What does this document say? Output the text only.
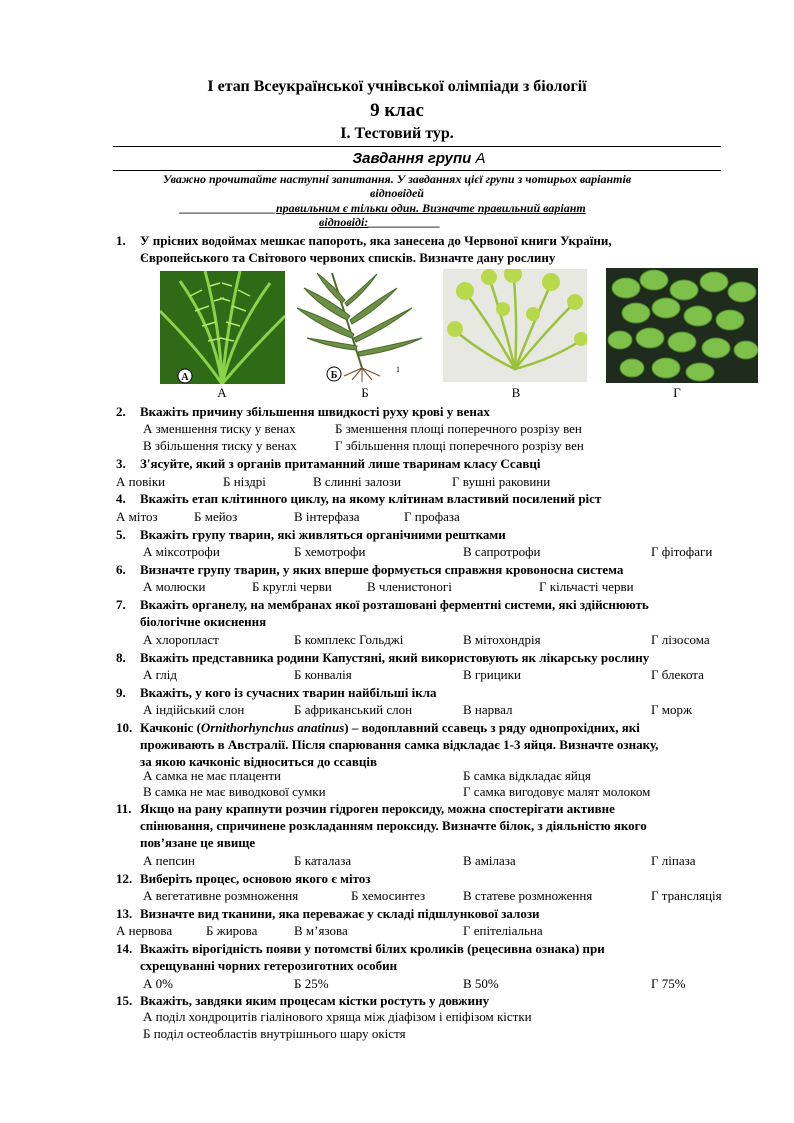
І етап Всеукраїнської учнівської олімпіади з біології
9 клас
І. Тестовий тур.
Завдання групи А
Уважно прочитайте наступні запитання. У завданнях цієї групи з чотирьох варіантів
відповідей
________________правильним є тільки один. Визначте правильний варіант
відповіді:____________
1. У прісних водоймах мешкає папороть, яка занесена до Червоної книги України,
Європейського та Світового червоних списків. Визначте дану рослину
А	Б
1
А	Б	В	Г
2. Вкажіть причину збільшення швидкості руху крові у венах
А зменшення тиску у венах	Б зменшення площі поперечного розрізу вен
В збільшення тиску у венах	Г збільшення площі поперечного розрізу вен
3. З'ясуйте, який з органів притаманний лише тваринам класу Ссавці
А повіки	Б ніздрі	В слинні залози	Г вушні раковини
4. Вкажіть етап клітинного циклу, на якому клітинам властивий посилений ріст
А мітоз	Б мейоз	В інтерфаза	Г профаза
5. Вкажіть групу тварин, які живляться органічними рештками
А міксотрофи	Б хемотрофи	В сапротрофи	Г фітофаги
6. Визначте групу тварин, у яких вперше формується справжня кровоносна система
А молюски	Б круглі черви	В членистоногі	Г кільчасті черви
7. Вкажіть органелу, на мембранах якої розташовані ферментні системи, які здійснюють
біологічне окиснення
А хлоропласт	Б комплекс Гольджі	В мітохондрія	Г лізосома
8. Вкажіть представника родини Капустяні, який використовують як лікарську рослину
А глід	Б конвалія	В грицики	Г блекота
9. Вкажіть, у кого із сучасних тварин найбільші ікла
А індійський слон	Б африканський слон	В нарвал	Г морж
10. Качконіс (Ornithorhynchus anatinus) – водоплавний ссавець з ряду однопрохідних, які
проживають в Австралії. Після спарювання самка відкладає 1-3 яйця. Визначте ознаку,
за якою качконіс відноситься до ссавців
А самка не має плаценти	Б самка відкладає яйця
В самка не має виводкової сумки	Г самка вигодовує малят молоком
11. Якщо на рану крапнути розчин гідроген пероксиду, можна спостерігати активне
спінювання, спричинене розкладанням пероксиду. Визначте білок, з діяльністю якого
пов’язане це явище
А пепсин	Б каталаза	В амілаза	Г ліпаза
12. Виберіть процес, основою якого є мітоз
А вегетативне розмноження	Б хемосинтез	В статеве розмноження	Г трансляція
13. Визначте вид тканини, яка переважає у складі підшлункової залози
А нервова	Б жирова	В м’язова	Г епітеліальна
14. Вкажіть вірогідність появи у потомстві білих кроликів (рецесивна ознака) при
схрещуванні чорних гетерозиготних особин
А 0%	Б 25%	В 50%	Г 75%
15. Вкажіть, завдяки яким процесам кістки ростуть у довжину
А поділ хондроцитів гіалінового хряща між діафізом і епіфізом кістки
Б поділ остеобластів внутрішнього шару окістя
